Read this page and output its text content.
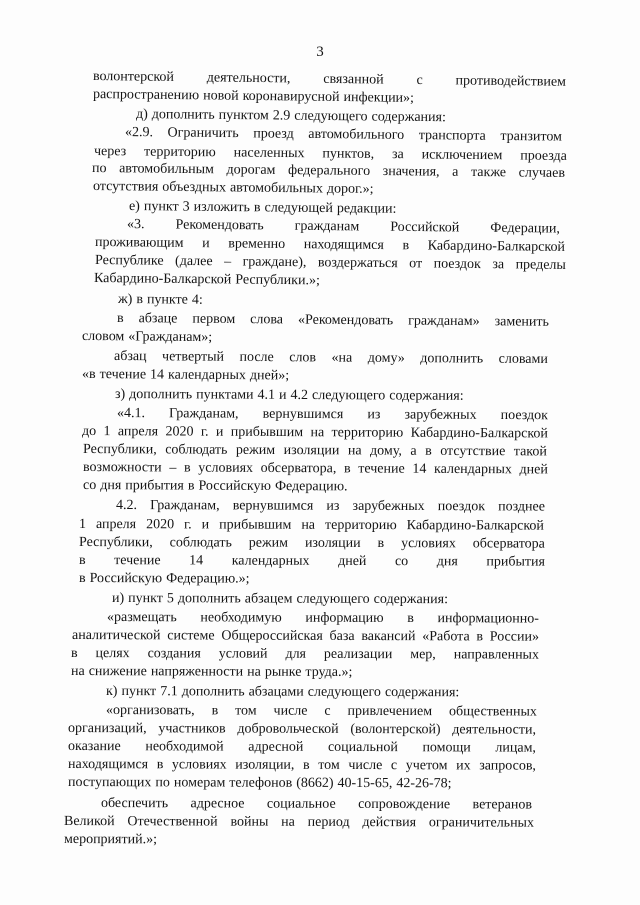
3
волонтерской деятельности, связанной с противодействием
распространению новой коронавирусной инфекции»;
д) дополнить пунктом 2.9 следующего содержания:
«2.9. Ограничить проезд автомобильного транспорта транзитом
через территорию населенных пунктов, за исключением проезда
по автомобильным дорогам федерального значения, а также случаев
отсутствия объездных автомобильных дорог.»;
е) пункт 3 изложить в следующей редакции:
«3. Рекомендовать гражданам Российской Федерации,
проживающим и временно находящимся в Кабардино-Балкарской
Республике (далее – граждане), воздержаться от поездок за пределы
Кабардино-Балкарской Республики.»;
ж) в пункте 4:
в абзаце первом слова «Рекомендовать гражданам» заменить
словом «Гражданам»;
абзац четвертый после слов «на дому» дополнить словами
«в течение 14 календарных дней»;
з) дополнить пунктами 4.1 и 4.2 следующего содержания:
«4.1. Гражданам, вернувшимся из зарубежных поездок
до 1 апреля 2020 г. и прибывшим на территорию Кабардино-Балкарской
Республики, соблюдать режим изоляции на дому, а в отсутствие такой
возможности – в условиях обсерватора, в течение 14 календарных дней
со дня прибытия в Российскую Федерацию.
4.2. Гражданам, вернувшимся из зарубежных поездок позднее
1 апреля 2020 г. и прибывшим на территорию Кабардино-Балкарской
Республики, соблюдать режим изоляции в условиях обсерватора
в течение 14 календарных дней со дня прибытия
в Российскую Федерацию.»;
и) пункт 5 дополнить абзацем следующего содержания:
«размещать необходимую информацию в информационно-
аналитической системе Общероссийская база вакансий «Работа в России»
в целях создания условий для реализации мер, направленных
на снижение напряженности на рынке труда.»;
к) пункт 7.1 дополнить абзацами следующего содержания:
«организовать, в том числе с привлечением общественных
организаций, участников добровольческой (волонтерской) деятельности,
оказание необходимой адресной социальной помощи лицам,
находящимся в условиях изоляции, в том числе с учетом их запросов,
поступающих по номерам телефонов (8662) 40-15-65, 42-26-78;
обеспечить адресное социальное сопровождение ветеранов
Великой Отечественной войны на период действия ограничительных
мероприятий.»;
